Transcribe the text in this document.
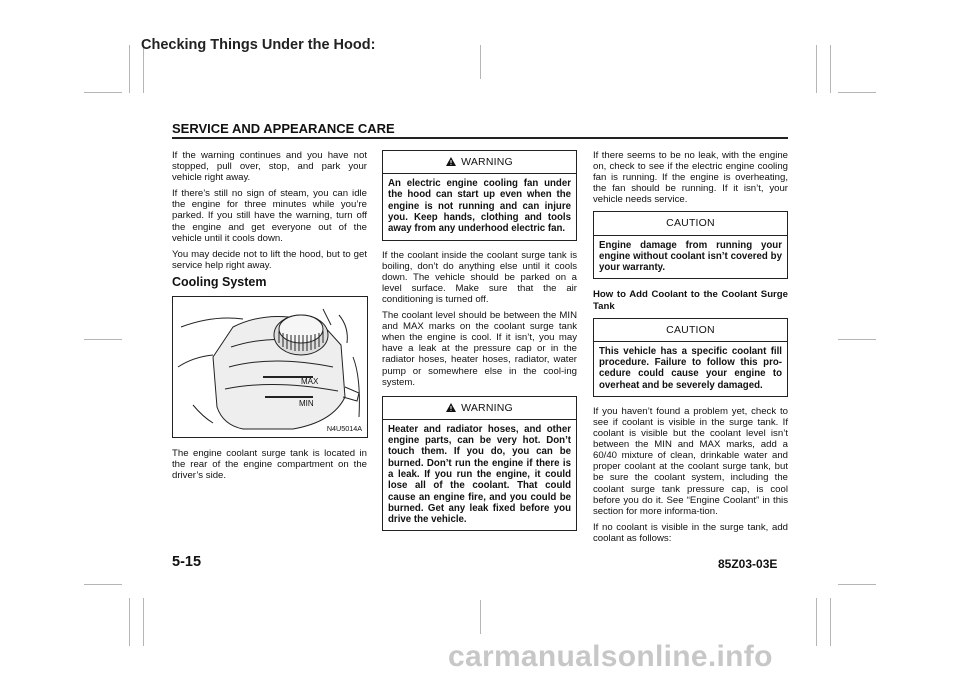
Checking Things Under the Hood:
SERVICE AND APPEARANCE CARE

If the warning continues and you have not stopped, pull over, stop, and park your vehicle right away.

If there’s still no sign of steam, you can idle the engine for three minutes while you’re parked. If you still have the warning, turn off the engine and get everyone out of the vehicle until it cools down.

You may decide not to lift the hood, but to get service help right away.

Cooling System
MAX
MIN
N4U5014A

The engine coolant surge tank is located in the rear of the engine compartment on the driver’s side.

WARNING
An electric engine cooling fan under the hood can start up even when the engine is not running and can injure you. Keep hands, clothing and tools away from any underhood electric fan.

If the coolant inside the coolant surge tank is boiling, don’t do anything else until it cools down. The vehicle should be parked on a level surface. Make sure that the air conditioning is turned off.

The coolant level should be between the MIN and MAX marks on the coolant surge tank when the engine is cool. If it isn’t, you may have a leak at the pressure cap or in the radiator hoses, heater hoses, radiator, water pump or somewhere else in the cool-ing system.

WARNING
Heater and radiator hoses, and other engine parts, can be very hot. Don’t touch them. If you do, you can be burned. Don’t run the engine if there is a leak. If you run the engine, it could lose all of the coolant. That could cause an engine fire, and you could be burned. Get any leak fixed before you drive the vehicle.

If there seems to be no leak, with the engine on, check to see if the electric engine cooling fan is running. If the engine is overheating, the fan should be running. If it isn’t, your vehicle needs service.

CAUTION
Engine damage from running your engine without coolant isn’t covered by your warranty.
How to Add Coolant to the Coolant Surge Tank
CAUTION
This vehicle has a specific coolant fill procedure. Failure to follow this pro-cedure could cause your engine to overheat and be severely damaged.

If you haven’t found a problem yet, check to see if coolant is visible in the surge tank. If coolant is visible but the coolant level isn’t between the MIN and MAX marks, add a 60/40 mixture of clean, drinkable water and proper coolant at the coolant surge tank, but be sure the coolant system, including the coolant surge tank pressure cap, is cool before you do it. See “Engine Coolant” in this section for more informa-tion.

If no coolant is visible in the surge tank, add coolant as follows:

5-15	85Z03-03E
carmanualsonline.info
